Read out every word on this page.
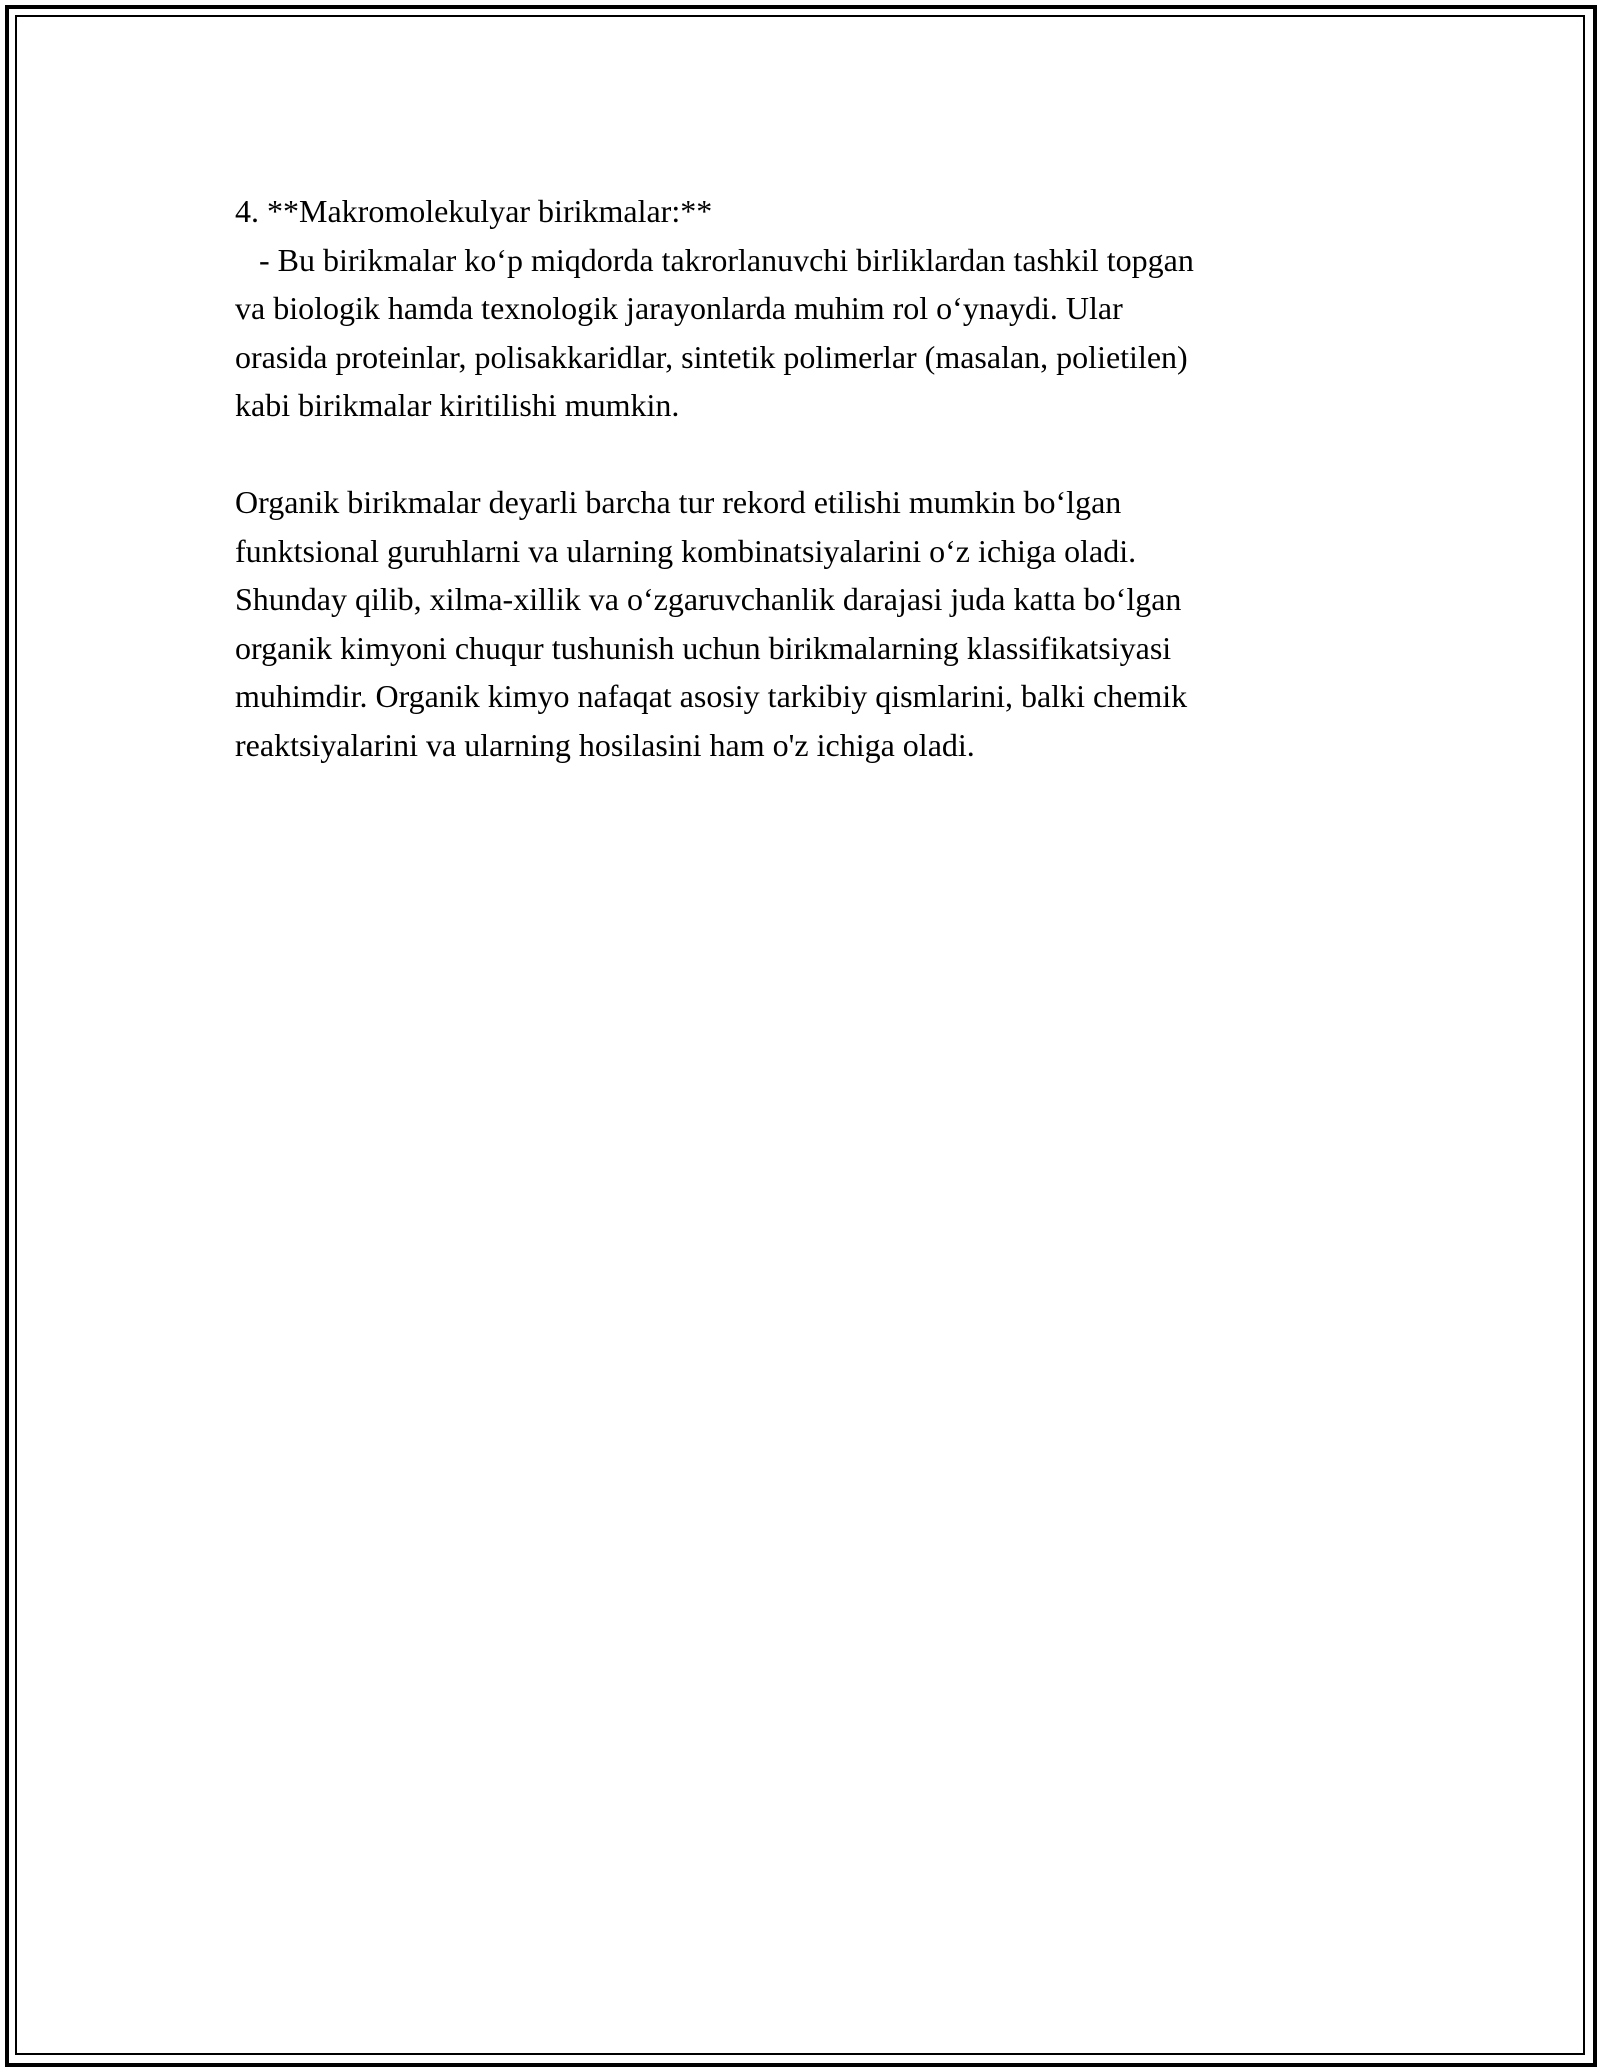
4. **Makromolekulyar birikmalar:**
- Bu birikmalar ko‘p miqdorda takrorlanuvchi birliklardan tashkil topgan
va biologik hamda texnologik jarayonlarda muhim rol o‘ynaydi. Ular
orasida proteinlar, polisakkaridlar, sintetik polimerlar (masalan, polietilen)
kabi birikmalar kiritilishi mumkin.
Organik birikmalar deyarli barcha tur rekord etilishi mumkin bo‘lgan
funktsional guruhlarni va ularning kombinatsiyalarini o‘z ichiga oladi.
Shunday qilib, xilma-xillik va o‘zgaruvchanlik darajasi juda katta bo‘lgan
organik kimyoni chuqur tushunish uchun birikmalarning klassifikatsiyasi
muhimdir. Organik kimyo nafaqat asosiy tarkibiy qismlarini, balki chemik
reaktsiyalarini va ularning hosilasini ham o'z ichiga oladi.
